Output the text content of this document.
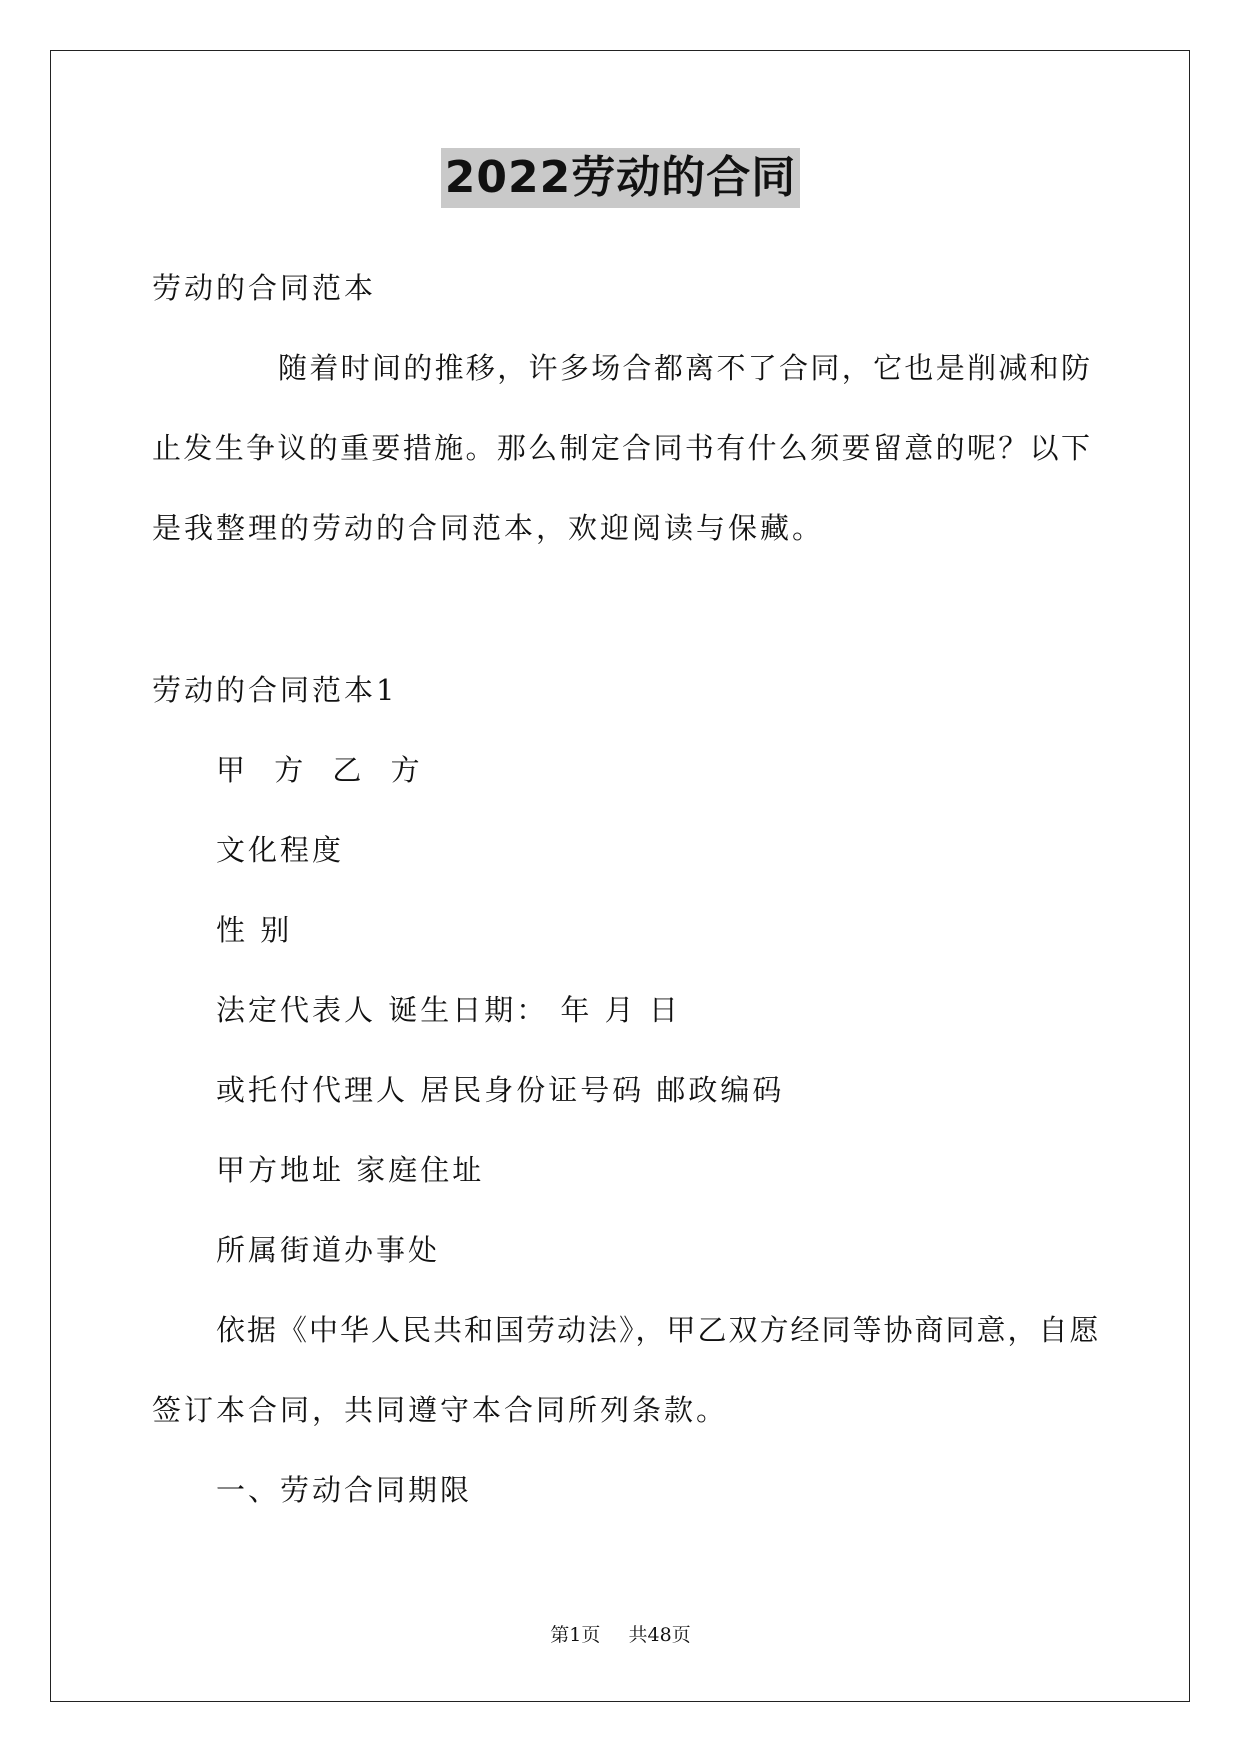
2022劳动的合同
劳动的合同范本
随着时间的推移，许多场合都离不了合同，它也是削减和防
止发生争议的重要措施。那么制定合同书有什么须要留意的呢？以下
是我整理的劳动的合同范本，欢迎阅读与保藏。
劳动的合同范本1
甲 方 乙 方
文化程度
性 别
法定代表人 诞生日期： 年 月 日
或托付代理人 居民身份证号码 邮政编码
甲方地址 家庭住址
所属街道办事处
依据《中华人民共和国劳动法》，甲乙双方经同等协商同意，自愿
签订本合同，共同遵守本合同所列条款。
一、劳动合同期限
第1页 共48页
